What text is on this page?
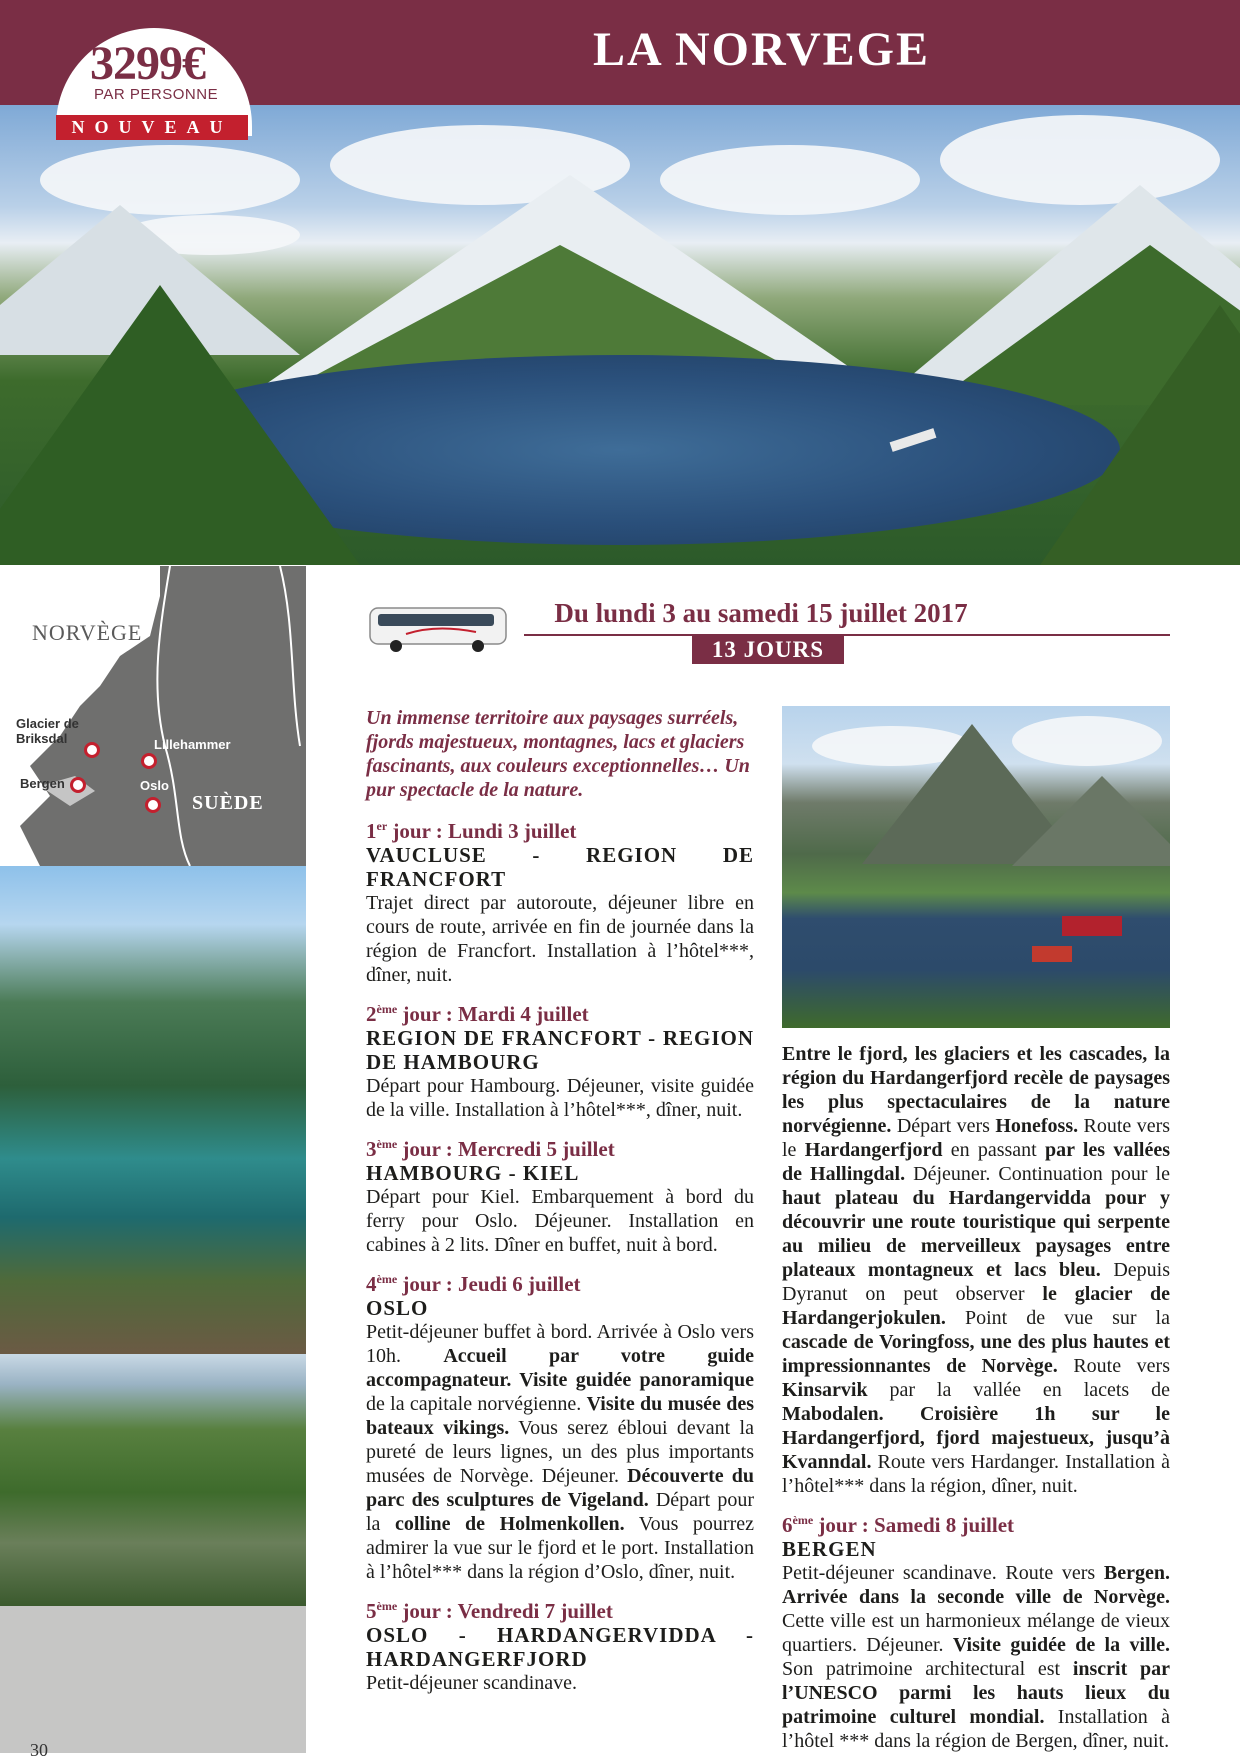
LA NORVEGE
3299€
PAR PERSONNE
NOUVEAU
NORVÈGE
SUÈDE
Glacier de Briksdal
Bergen
Lillehammer
Oslo
30
Du lundi 3 au samedi 15 juillet 2017
13 JOURS
Un immense territoire aux paysages surréels, fjords majestueux, montagnes, lacs et glaciers fascinants, aux couleurs exceptionnelles… Un pur spectacle de la nature.

1er jour : Lundi 3 juillet

VAUCLUSE - REGION DE FRANCFORT

Trajet direct par autoroute, déjeuner libre en cours de route, arrivée en fin de journée dans la région de Francfort. Installation à l’hôtel***, dîner, nuit.

2ème jour : Mardi 4 juillet

REGION DE FRANCFORT - REGION DE HAMBOURG

Départ pour Hambourg. Déjeuner, visite guidée de la ville. Installation à l’hôtel***, dîner, nuit.

3ème jour : Mercredi 5 juillet

HAMBOURG - KIEL

Départ pour Kiel. Embarquement à bord du ferry pour Oslo. Déjeuner. Installation en cabines à 2 lits. Dîner en buffet, nuit à bord.

4ème jour : Jeudi 6 juillet

OSLO

Petit-déjeuner buffet à bord. Arrivée à Oslo vers 10h. Accueil par votre guide accompagnateur. Visite guidée panoramique de la capitale norvégienne. Visite du musée des bateaux vikings. Vous serez ébloui devant la pureté de leurs lignes, un des plus importants musées de Norvège. Déjeuner. Découverte du parc des sculptures de Vigeland. Départ pour la colline de Holmenkollen. Vous pourrez admirer la vue sur le fjord et le port. Installation à l’hôtel*** dans la région d’Oslo, dîner, nuit.

5ème jour : Vendredi 7 juillet

OSLO - HARDANGERVIDDA - HARDANGERFJORD

Petit-déjeuner scandinave.

Entre le fjord, les glaciers et les cascades, la région du Hardangerfjord recèle de paysages les plus spectaculaires de la nature norvégienne. Départ vers Honefoss. Route vers le Hardangerfjord en passant par les vallées de Hallingdal. Déjeuner. Continuation pour le haut plateau du Hardangervidda pour y découvrir une route touristique qui serpente au milieu de merveilleux paysages entre plateaux montagneux et lacs bleu. Depuis Dyranut on peut observer le glacier de Hardangerjokulen. Point de vue sur la cascade de Voringfoss, une des plus hautes et impressionnantes de Norvège. Route vers Kinsarvik par la vallée en lacets de Mabodalen. Croisière 1h sur le Hardangerfjord, fjord majestueux, jusqu’à Kvanndal. Route vers Hardanger. Installation à l’hôtel*** dans la région, dîner, nuit.

6ème jour : Samedi 8 juillet

BERGEN

Petit-déjeuner scandinave. Route vers Bergen. Arrivée dans la seconde ville de Norvège. Cette ville est un harmonieux mélange de vieux quartiers. Déjeuner. Visite guidée de la ville. Son patrimoine architectural est inscrit par l’UNESCO parmi les hauts lieux du patrimoine culturel mondial. Installation à l’hôtel *** dans la région de Bergen, dîner, nuit.
